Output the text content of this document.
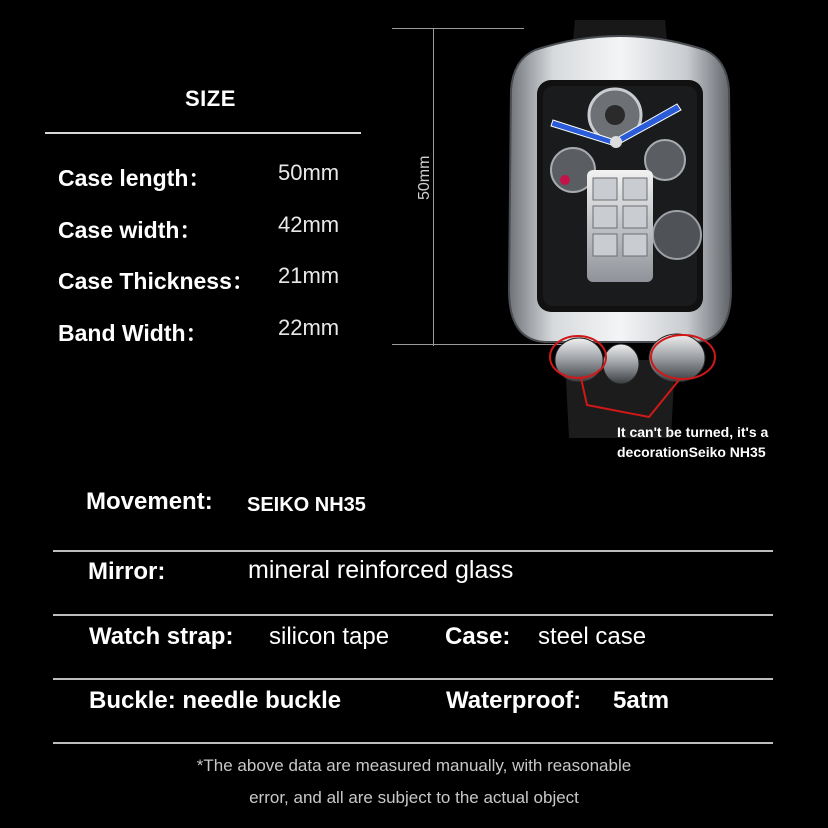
SIZE
Case length：	50mm
Case width：	42mm
Case Thickness： 21mm
Band Width：	22mm
50mm
It can't be turned, it's a
decorationSeiko NH35
Movement: SEIKO NH35
Mirror:	mineral reinforced glass
Watch strap: silicon tape Case: steel case
Buckle: needle buckle	Waterproof: 5atm
*The above data are measured manually, with reasonable
error, and all are subject to the actual object
